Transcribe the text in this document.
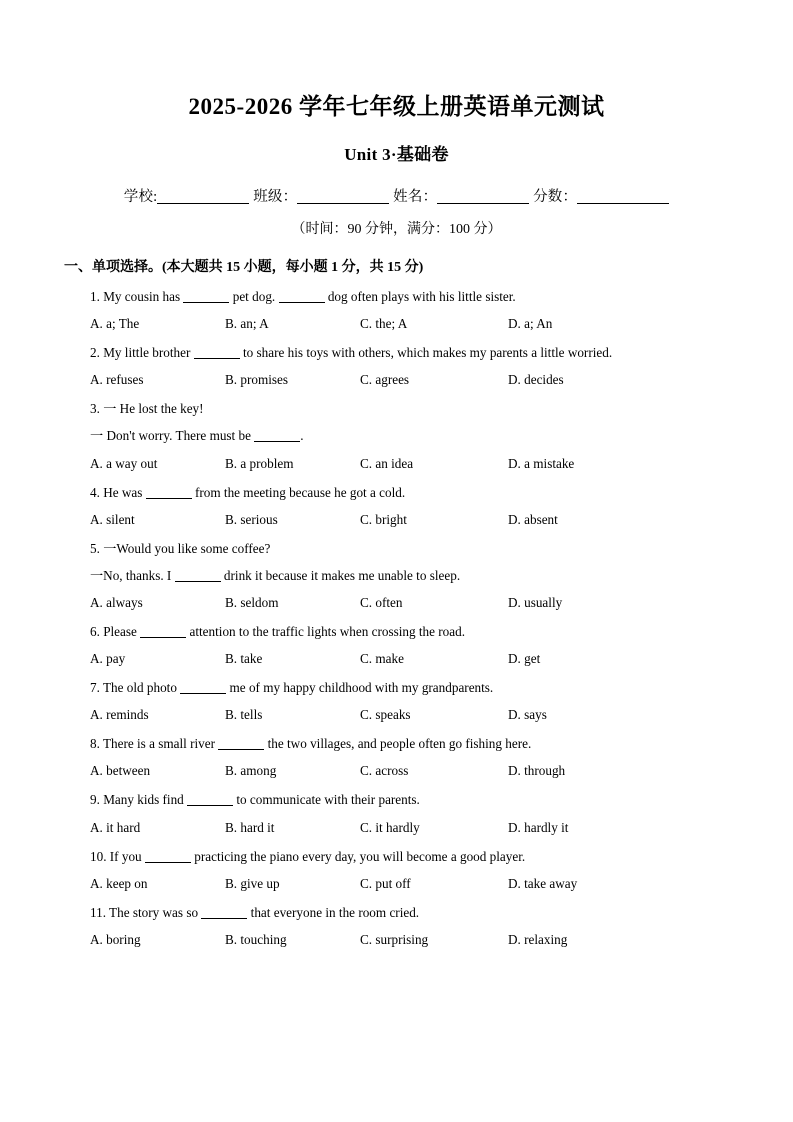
2025-2026 学年七年级上册英语单元测试
Unit 3·基础卷
学校:	班级：	姓名：	分数：
（时间：90 分钟，满分：100 分）
一、单项选择。(本大题共 15 小题，每小题 1 分，共 15 分)
1. My cousin has	pet dog.	dog often plays with his little sister.
A. a; The	B. an; A	C. the; A	D. a; An
2. My little brother	to share his toys with others, which makes my parents a little worried.
A. refuses	B. promises	C. agrees	D. decides
3. 一 He lost the key!
一 Don't worry. There must be	.
A. a way out	B. a problem	C. an idea	D. a mistake
4. He was	from the meeting because he got a cold.
A. silent	B. serious	C. bright	D. absent
5. 一Would you like some coffee?
一No, thanks. I	drink it because it makes me unable to sleep.
A. always	B. seldom	C. often	D. usually
6. Please	attention to the traffic lights when crossing the road.
A. pay	B. take	C. make	D. get
7. The old photo	me of my happy childhood with my grandparents.
A. reminds	B. tells	C. speaks	D. says
8. There is a small river	the two villages, and people often go fishing here.
A. between	B. among	C. across	D. through
9. Many kids find	to communicate with their parents.
A. it hard	B. hard it	C. it hardly	D. hardly it
10. If you	practicing the piano every day, you will become a good player.
A. keep on	B. give up	C. put off	D. take away
11. The story was so	that everyone in the room cried.
A. boring	B. touching	C. surprising	D. relaxing
